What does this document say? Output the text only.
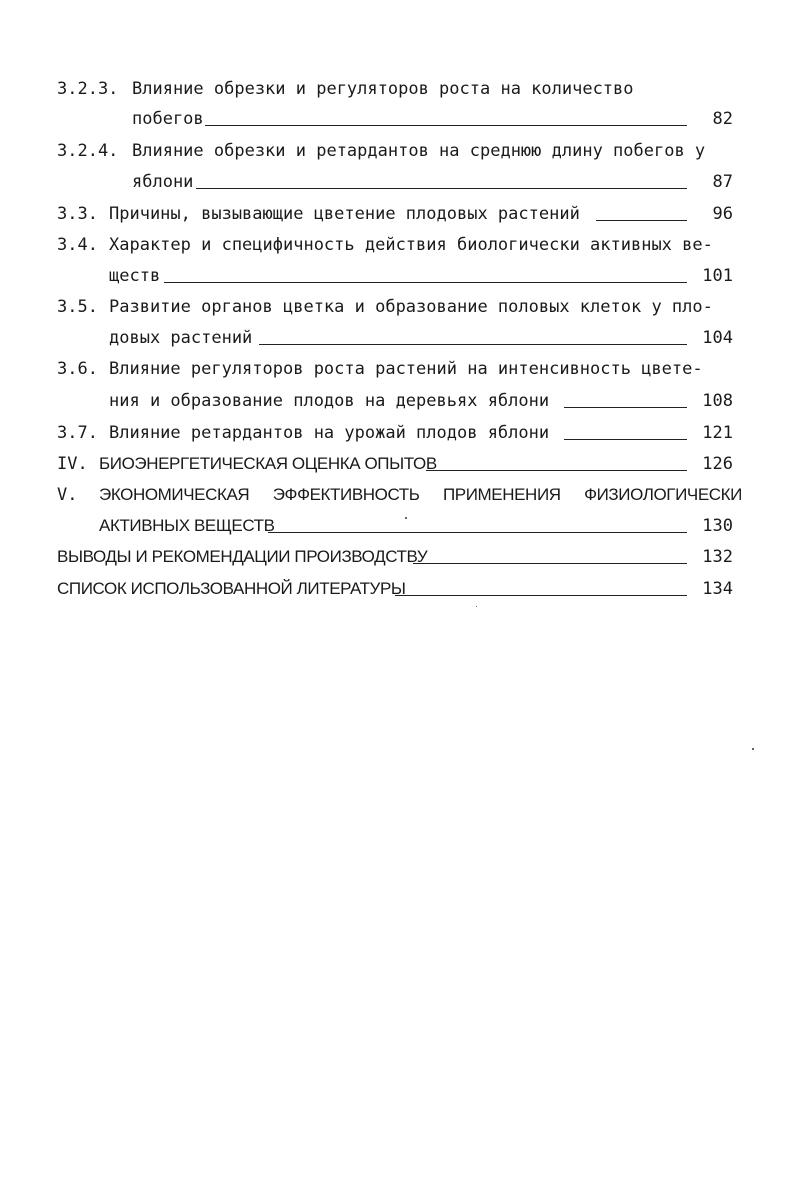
3.2.3. Влияние обрезки и регуляторов роста на количество
побегов	82
3.2.4. Влияние обрезки и ретардантов на среднюю длину побегов у
яблони	87
3.3. Причины, вызывающие цветение плодовых растений	96
3.4. Характер и специфичность действия биологически активных ве-
ществ	101
3.5. Развитие органов цветка и образование половых клеток у пло-
довых растений	104
3.6. Влияние регуляторов роста растений на интенсивность цвете-
ния и образование плодов на деревьях яблони	108
3.7. Влияние ретардантов на урожай плодов яблони	121
IV. БИОЭНЕРГЕТИЧЕСКАЯ ОЦЕНКА ОПЫТОВ	126
V. ЭКОНОМИЧЕСКАЯ ЭФФЕКТИВНОСТЬ ПРИМЕНЕНИЯ ФИЗИОЛОГИЧЕСКИ
АКТИВНЫХ ВЕЩЕСТВ	130
ВЫВОДЫ И РЕКОМЕНДАЦИИ ПРОИЗВОДСТВУ	132
СПИСОК ИСПОЛЬЗОВАННОЙ ЛИТЕРАТУРЫ	134
